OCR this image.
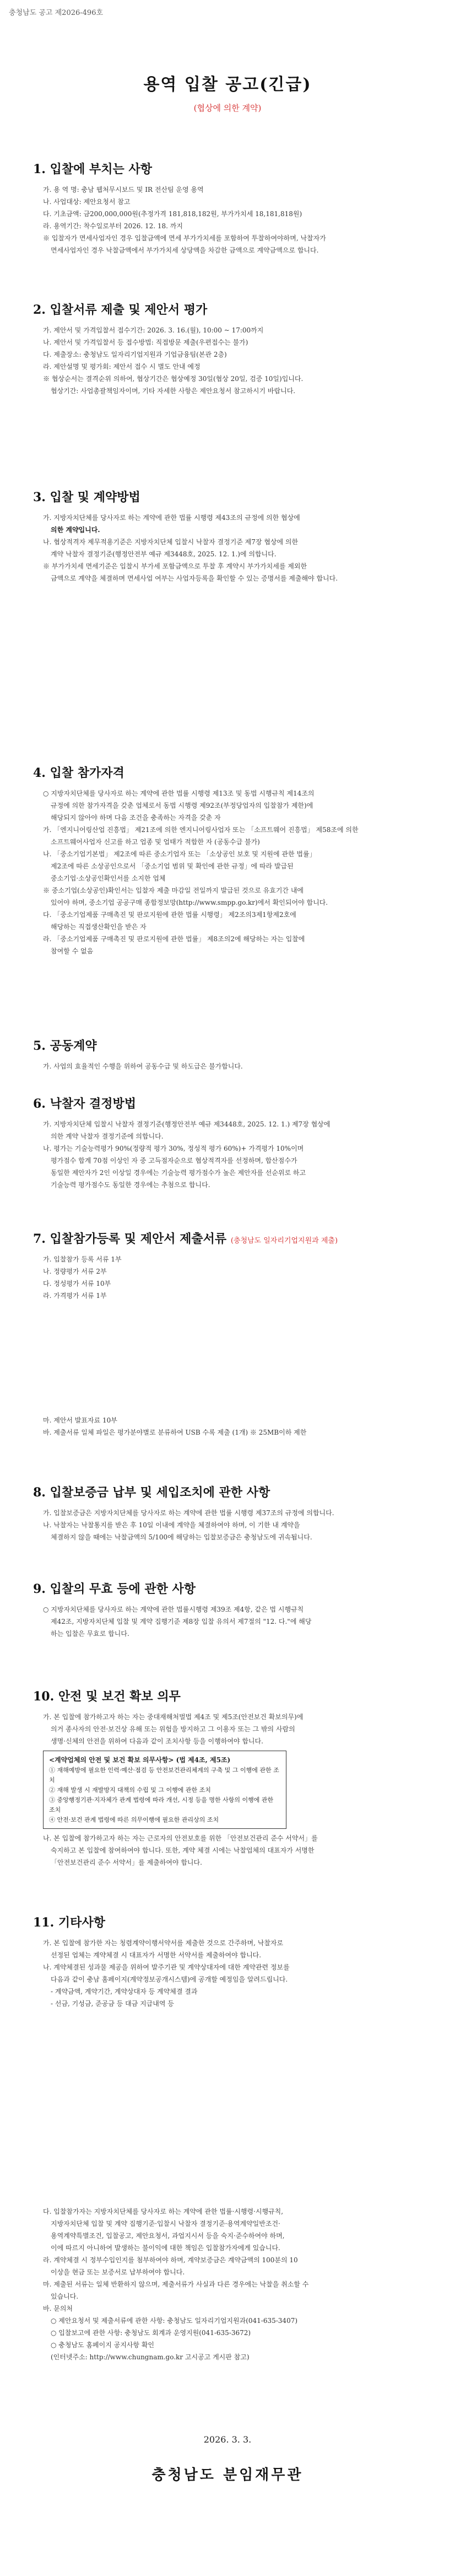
충청남도 공고 제2026-496호
용역 입찰 공고(긴급)
(협상에 의한 계약)
1. 입찰에 부치는 사항

가. 용 역 명: 충남 웹처무시보드 및 IR 전산팀 운영 용역

나. 사업대상: 제안요청서 참고

다. 기초금액: 금200,000,000원(추정가격 181,818,182원, 부가가치세 18,181,818원)

라. 용역기간: 착수일로부터 2026. 12. 18. 까지

※ 입찰자가 면세사업자인 경우 입찰금액에 면세 부가가치세를 포함하여 투찰하여야하며, 낙찰자가

면세사업자인 경우 낙찰금액에서 부가가치세 상당액을 차감한 금액으로 계약금액으로 합니다.

2. 입찰서류 제출 및 제안서 평가

가. 제안서 및 가격입찰서 접수기간: 2026. 3. 16.(월), 10:00 ~ 17:00까지

나. 제안서 및 가격입찰서 등 접수방법: 직접방문 제출(우편접수는 불가)

다. 제출장소: 충청남도 일자리기업지원과 기업금융팀(본관 2층)

라. 제안설명 및 평가회: 제안서 접수 시 별도 안내 예정

※ 협상순서는 결격순위 의하여, 협상기간은 협상예정 30일(협상 20일, 검증 10일)입니다.

협상기간: 사업총괄책임자이며, 기타 자세한 사항은 제안요청서 참고하시기 바랍니다.

3. 입찰 및 계약방법

가. 지방자치단체를 당사자로 하는 계약에 관한 법률 시행령 제43조의 규정에 의한 협상에

의한 계약입니다.

나. 협상적격자 제무적용기준은 지방자치단체 입찰시 낙찰자 결정기준 제7장 협상에 의한

계약 낙찰자 결정기준(행정안전부 예규 제3448호, 2025. 12. 1.)에 의합니다.

※ 부가가치세 면세기준은 입찰시 부가세 포함금액으로 투찰 후 계약시 부가가치세를 제외한

금액으로 계약을 체결하며 면세사업 여부는 사업자등록을 확인할 수 있는 증명서를 제출해야 합니다.

4. 입찰 참가자격

○ 지방자치단체를 당사자로 하는 계약에 관한 법률 시행령 제13조 및 동법 시행규칙 제14조의

규정에 의한 참가자격을 갖춘 업체로서 동법 시행령 제92조(부정당업자의 입찰참가 제한)에

해당되지 않아야 하며 다음 조건을 충족하는 자격을 갖춘 자

가. 「엔지니어링산업 진흥법」 제21조에 의한 엔지니어링사업자 또는 「소프트웨어 진흥법」 제58조에 의한

소프트웨어사업자 신고를 하고 업종 및 업태가 적합한 자 (공동수급 불가)

나. 「중소기업기본법」 제2조에 따른 중소기업자 또는 「소상공인 보호 및 지원에 관한 법률」

제2조에 따른 소상공인으로서 「중소기업 범위 및 확인에 관한 규정」에 따라 발급된

중소기업·소상공인확인서를 소지한 업체

※ 중소기업(소상공인)확인서는 입찰자 제출 마감일 전일까지 발급된 것으로 유효기간 내에

있어야 하며, 중소기업 공공구매 종합정보망(http://www.smpp.go.kr)에서 확인되어야 합니다.

다. 「중소기업제품 구매촉진 및 판로지원에 관한 법률 시행령」 제2조의3제1항제2호에

해당하는 직접생산확인을 받은 자

라. 「중소기업제품 구매촉진 및 판로지원에 관한 법률」 제8조의2에 해당하는 자는 입찰에

참여할 수 없음

5. 공동계약

가. 사업의 효율적인 수행을 위하여 공동수급 및 하도급은 불가합니다.

6. 낙찰자 결정방법

가. 지방자치단체 입찰시 낙찰자 결정기준(행정안전부 예규 제3448호, 2025. 12. 1.) 제7장 협상에

의한 계약 낙찰자 결정기준에 의합니다.

나. 평가는 기술능력평가 90%(정량적 평가 30%, 정성적 평가 60%)+ 가격평가 10%이며

평가점수 합계 70점 이상인 자 중 고득점자순으로 협상적격자를 선정하며, 합산점수가

동일한 제안자가 2인 이상일 경우에는 기술능력 평가점수가 높은 제안자를 선순위로 하고

기술능력 평가점수도 동일한 경우에는 추첨으로 합니다.

7. 입찰참가등록 및 제안서 제출서류 (충청남도 일자리기업지원과 제출)

가. 입찰참가 등록 서류 1부

나. 정량평가 서류 2부

다. 정성평가 서류 10부

라. 가격평가 서류 1부

마. 제안서 발표자료 10부

바. 제출서류 일체 파일은 평가분야별로 분류하여 USB 수록 제출 (1개) ※ 25MB이하 제한

8. 입찰보증금 납부 및 세입조치에 관한 사항

가. 입찰보증금은 지방자치단체를 당사자로 하는 계약에 관한 법률 시행령 제37조의 규정에 의합니다.

나. 낙찰자는 낙찰통지를 받은 후 10일 이내에 계약을 체결하여야 하며, 이 기한 내 계약을

체결하지 않을 때에는 낙찰금액의 5/100에 해당하는 입찰보증금은 충청남도에 귀속됩니다.

9. 입찰의 무효 등에 관한 사항

○ 지방자치단체를 당사자로 하는 계약에 관한 법률시행령 제39조 제4항, 같은 법 시행규칙

제42조, 지방자치단체 입찰 및 계약 집행기준 제8장 입찰 유의서 제7절의 "12. 다."에 해당

하는 입찰은 무효로 합니다.

10. 안전 및 보건 확보 의무

가. 본 입찰에 참가하고자 하는 자는 중대재해처벌법 제4조 및 제5조(안전보건 확보의무)에

의거 종사자의 안전·보건상 유해 또는 위험을 방지하고 그 이용자 또는 그 밖의 사람의

생명·신체의 안전을 위하여 다음과 같이 조치사항 등을 이행하여야 합니다.

<계약업체의 안전 및 보건 확보 의무사항> (법 제4조, 제5조)
① 재해예방에 필요한 인력·예산·점검 등 안전보건관리체계의 구축 및 그 이행에 관한 조치
② 재해 발생 시 재발방지 대책의 수립 및 그 이행에 관한 조치
③ 중앙행정기관·지자체가 관계 법령에 따라 개선, 시정 등을 명한 사항의 이행에 관한 조치
④ 안전·보건 관계 법령에 따른 의무이행에 필요한 관리상의 조치

나. 본 입찰에 참가하고자 하는 자는 근로자의 안전보호를 위한 「안전보건관리 준수 서약서」를

숙지하고 본 입찰에 참여하여야 합니다. 또한, 계약 체결 시에는 낙찰업체의 대표자가 서명한

「안전보건관리 준수 서약서」를 제출하여야 합니다.

11. 기타사항

가. 본 입찰에 참가한 자는 청렴계약이행서약서를 제출한 것으로 간주하며, 낙찰자로

선정된 업체는 계약체결 시 대표자가 서명한 서약서를 제출하여야 합니다.

나. 계약체결된 성과물 제공을 위하여 발주기관 및 계약상대자에 대한 계약관련 정보를

다음과 같이 충남 홈페이지(계약정보공개시스템)에 공개할 예정임을 알려드립니다.

- 계약금액, 계약기간, 계약상대자 등 계약체결 결과

- 선금, 기성금, 준공금 등 대금 지급내역 등

다. 입찰참가자는 지방자치단체를 당사자로 하는 계약에 관한 법률·시행령·시행규칙,

지방자치단체 입찰 및 계약 집행기준·입찰시 낙찰자 결정기준·용역계약일반조건·

용역계약특별조건, 입찰공고, 제안요청서, 과업지시서 등을 숙지·준수하여야 하며,

이에 따르지 아니하여 발생하는 불이익에 대한 책임은 입찰참가자에게 있습니다.

라. 계약체결 시 정부수입인지를 첨부하여야 하며, 계약보증금은 계약금액의 100분의 10

이상을 현금 또는 보증서로 납부하여야 합니다.

마. 제출된 서류는 일체 반환하지 않으며, 제출서류가 사실과 다른 경우에는 낙찰을 취소할 수

있습니다.

바. 문의처

○ 제안요청서 및 제출서류에 관한 사항: 충청남도 일자리기업지원과(041-635-3407)

○ 입찰보고에 관한 사항: 충청남도 회계과 운영지원(041-635-3672)

○ 충청남도 홈페이지 공지사항 확인

(인터넷주소: http://www.chungnam.go.kr 고시공고 게시판 참고)

2026. 3. 3.
충청남도 분임재무관
